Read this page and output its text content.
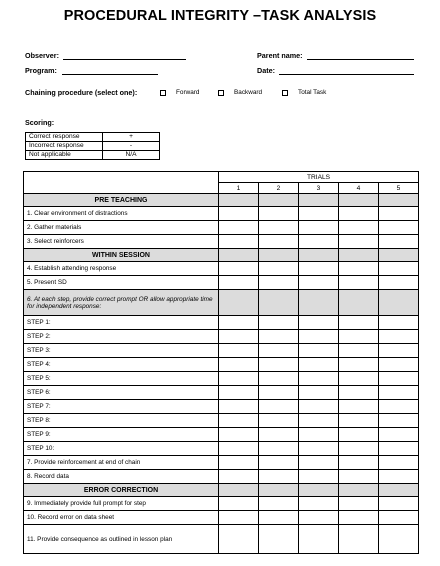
PROCEDURAL INTEGRITY –TASK ANALYSIS
Observer:	Parent name:
Program:	Date:
Chaining procedure (select one):	Forward	Backward	Total Task
Scoring:
Correct response	+
Incorrect response	-
Not applicable	N/A
	TRIALS				
	1	2	3	4	5
PRE TEACHING					
1. Clear environment of distractions					
2. Gather materials					
3. Select reinforcers					
WITHIN SESSION					
4. Establish attending response					
5. Present SD					
6. At each step, provide correct prompt OR allow appropriate time for independent response:					
STEP 1:					
STEP 2:					
STEP 3:					
STEP 4:					
STEP 5:					
STEP 6:					
STEP 7:					
STEP 8:					
STEP 9:					
STEP 10:					
7. Provide reinforcement at end of chain					
8. Record data					
ERROR CORRECTION					
9. Immediately provide full prompt for step					
10. Record error on data sheet					
11. Provide consequence as outlined in lesson plan					
